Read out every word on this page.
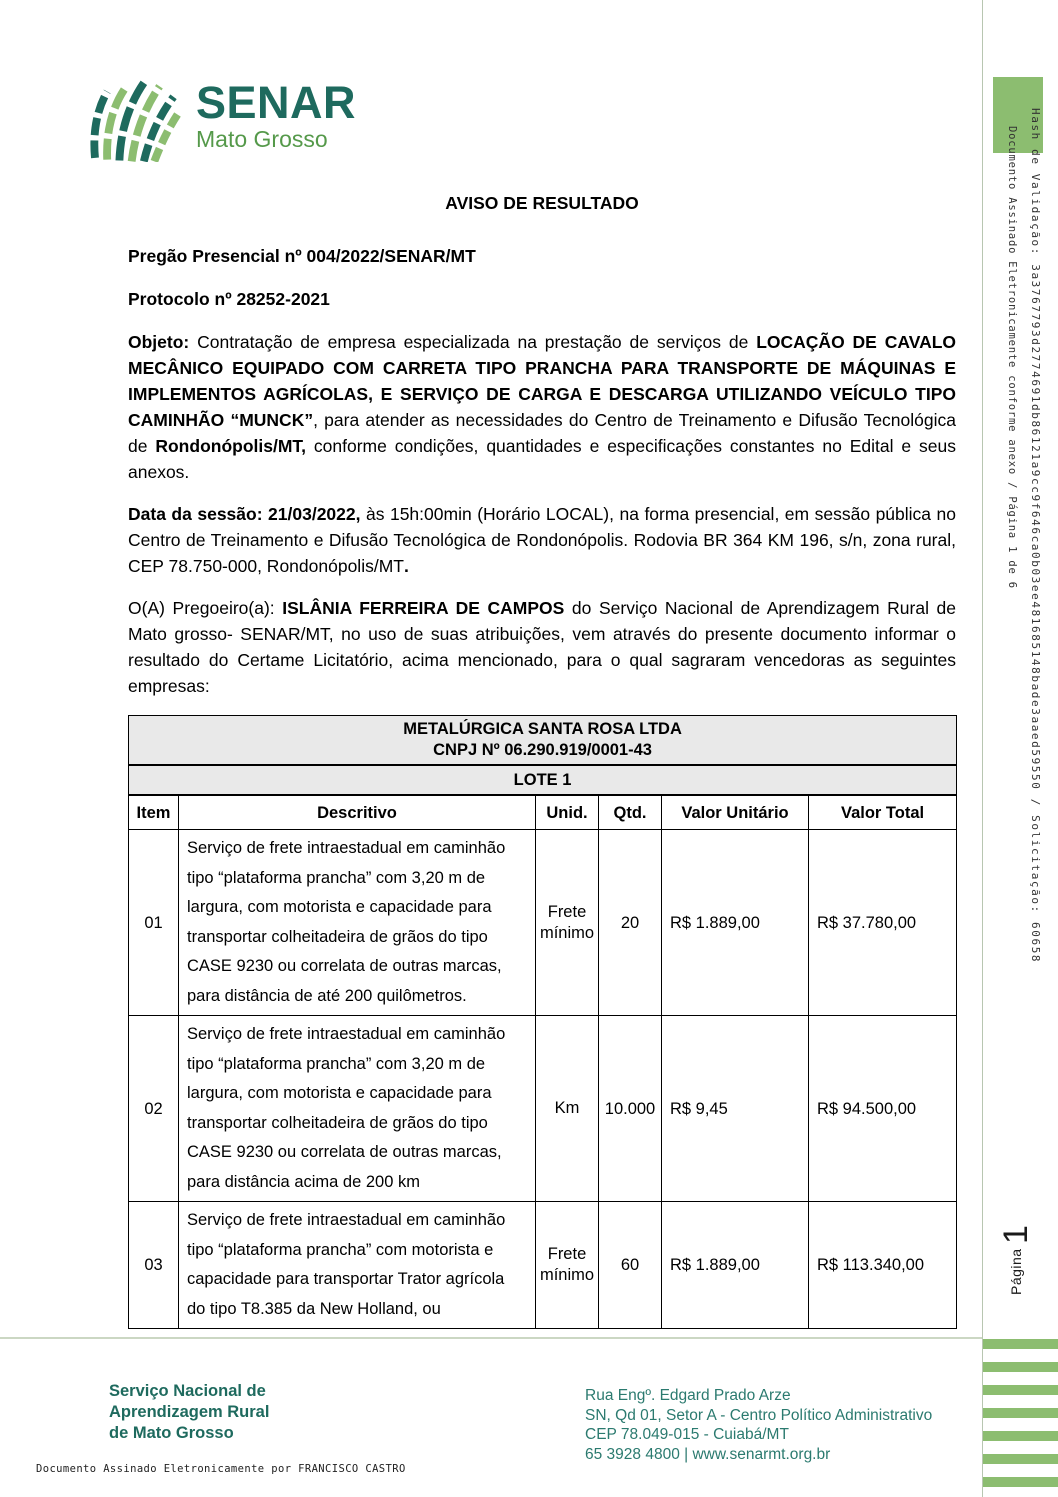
SENAR
Mato Grosso
AVISO DE RESULTADO

Pregão Presencial nº 004/2022/SENAR/MT

Protocolo nº 28252-2021

Objeto: Contratação de empresa especializada na prestação de serviços de LOCAÇÃO DE CAVALO MECÂNICO EQUIPADO COM CARRETA TIPO PRANCHA PARA TRANSPORTE DE MÁQUINAS E IMPLEMENTOS AGRÍCOLAS, E SERVIÇO DE CARGA E DESCARGA UTILIZANDO VEÍCULO TIPO CAMINHÃO “MUNCK”, para atender as necessidades do Centro de Treinamento e Difusão Tecnológica de Rondonópolis/MT, conforme condições, quantidades e especificações constantes no Edital e seus anexos.

Data da sessão: 21/03/2022, às 15h:00min (Horário LOCAL), na forma presencial, em sessão pública no Centro de Treinamento e Difusão Tecnológica de Rondonópolis. Rodovia BR 364 KM 196, s/n, zona rural, CEP 78.750-000, Rondonópolis/MT.

O(A) Pregoeiro(a): ISLÂNIA FERREIRA DE CAMPOS do Serviço Nacional de Aprendizagem Rural de Mato grosso- SENAR/MT, no uso de suas atribuições, vem através do presente documento informar o resultado do Certame Licitatório, acima mencionado, para o qual sagraram vencedoras as seguintes empresas:

METALÚRGICA SANTA ROSA LTDA
CNPJ Nº 06.290.919/0001-43					

LOTE 1					
Item	Descritivo	Unid.	Qtd.	Valor Unitário	Valor Total
01	Serviço de frete intraestadual em caminhão tipo “plataforma prancha” com 3,20 m de largura, com motorista e capacidade para transportar colheitadeira de grãos do tipo CASE 9230 ou correlata de outras marcas, para distância de até 200 quilômetros.	Frete mínimo	20	R$ 1.889,00	R$ 37.780,00
02	Serviço de frete intraestadual em caminhão tipo “plataforma prancha” com 3,20 m de largura, com motorista e capacidade para transportar colheitadeira de grãos do tipo CASE 9230 ou correlata de outras marcas, para distância acima de 200 km	Km	10.000	R$ 9,45	R$ 94.500,00
03	Serviço de frete intraestadual em caminhão tipo “plataforma prancha” com motorista e capacidade para transportar Trator agrícola do tipo T8.385 da New Holland, ou	Frete mínimo	60	R$ 1.889,00	R$ 113.340,00
Hash de Validação: 3a3767793d2774691db86121a9cc9f646ca0b03ee481685148bade3aaed59550 / Solicitação: 60658
Documento Assinado Eletronicamente conforme anexo / Página 1 de 6
Página 1
Serviço Nacional de
Aprendizagem Rural
de Mato Grosso
Rua Engº. Edgard Prado Arze
SN, Qd 01, Setor A - Centro Político Administrativo
CEP 78.049-015 - Cuiabá/MT
65 3928 4800 | www.senarmt.org.br
Documento Assinado Eletronicamente por FRANCISCO CASTRO
